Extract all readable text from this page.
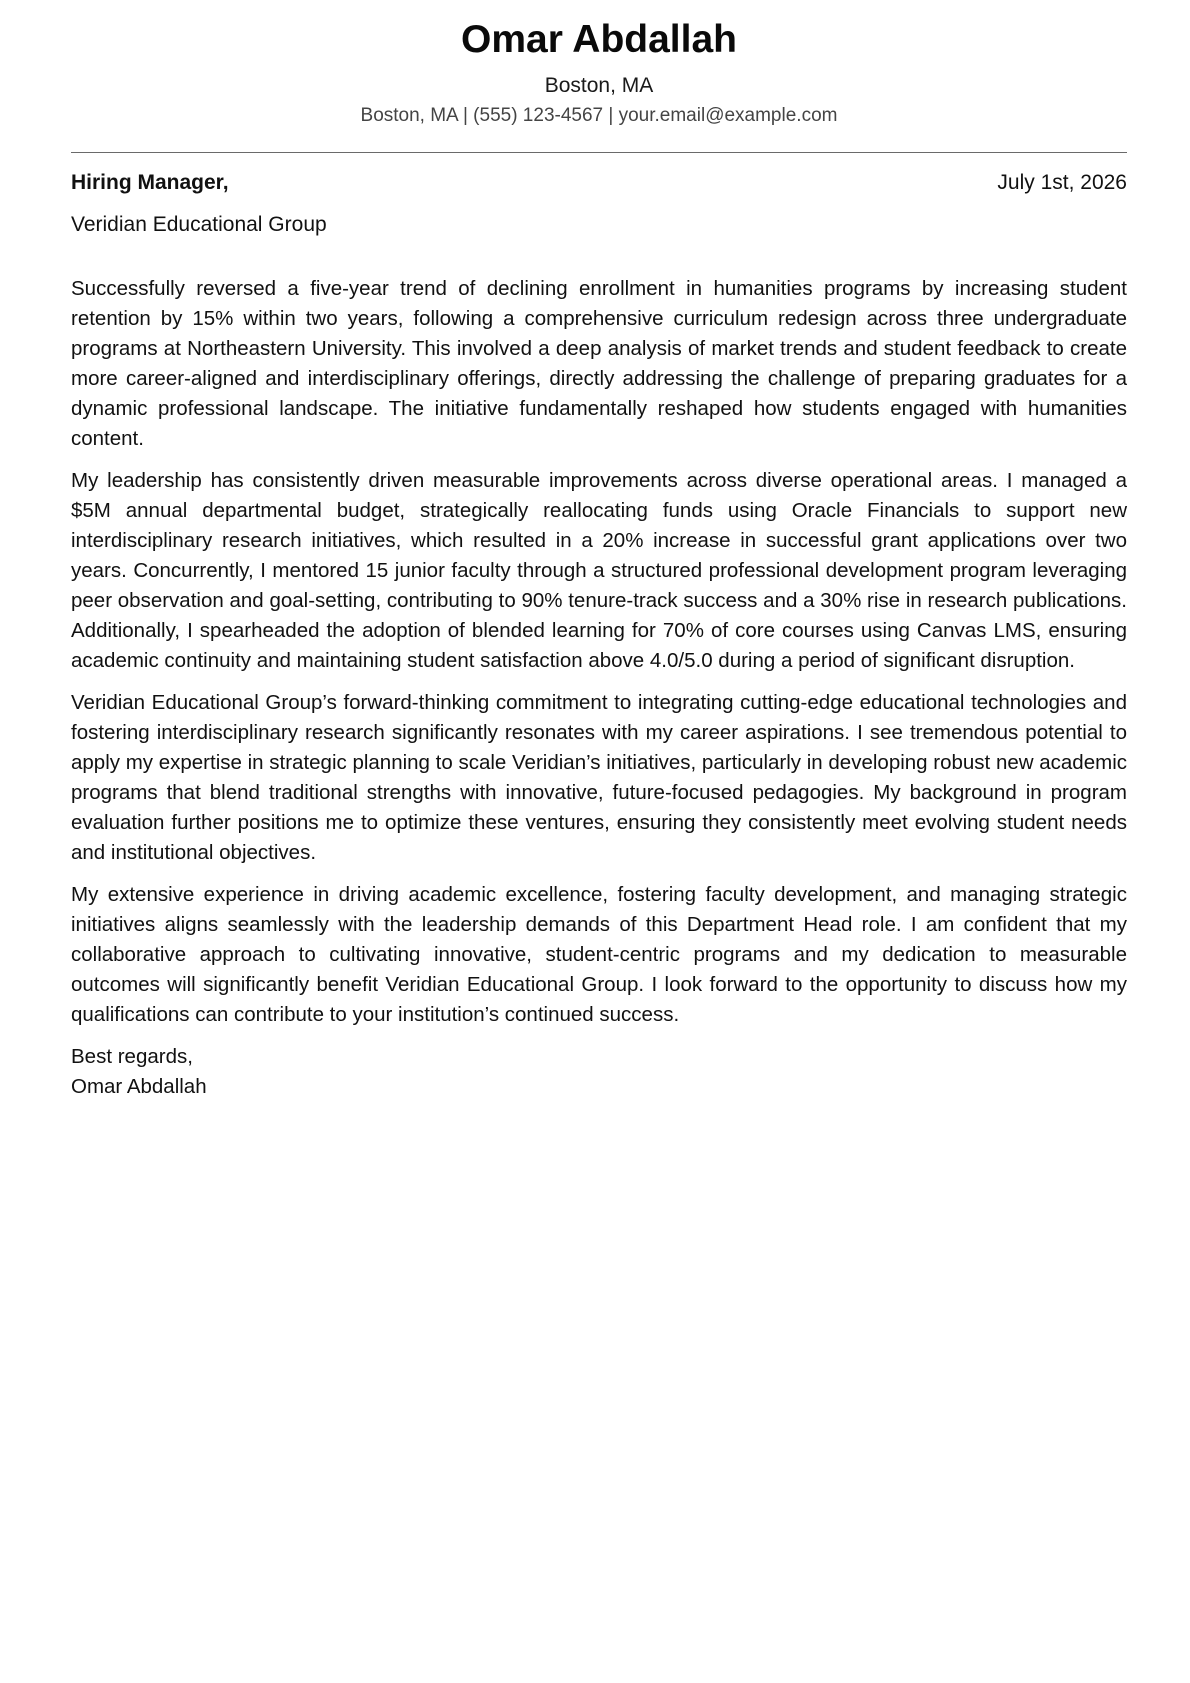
Omar Abdallah
Boston, MA
Boston, MA | (555) 123-4567 | your.email@example.com
Hiring Manager,	July 1st, 2026
Veridian Educational Group

Successfully reversed a five-year trend of declining enrollment in humanities programs by increasing student retention by 15% within two years, following a comprehensive curriculum redesign across three undergraduate programs at Northeastern University. This involved a deep analysis of market trends and student feedback to create more career-aligned and interdisciplinary offerings, directly addressing the challenge of preparing graduates for a dynamic professional landscape. The initiative fundamentally reshaped how students engaged with humanities content.

My leadership has consistently driven measurable improvements across diverse operational areas. I managed a $5M annual departmental budget, strategically reallocating funds using Oracle Financials to support new interdisciplinary research initiatives, which resulted in a 20% increase in successful grant applications over two years. Concurrently, I mentored 15 junior faculty through a structured professional development program leveraging peer observation and goal-setting, contributing to 90% tenure-track success and a 30% rise in research publications. Additionally, I spearheaded the adoption of blended learning for 70% of core courses using Canvas LMS, ensuring academic continuity and maintaining student satisfaction above 4.0/5.0 during a period of significant disruption.

Veridian Educational Group’s forward-thinking commitment to integrating cutting-edge educational technologies and fostering interdisciplinary research significantly resonates with my career aspirations. I see tremendous potential to apply my expertise in strategic planning to scale Veridian’s initiatives, particularly in developing robust new academic programs that blend traditional strengths with innovative, future-focused pedagogies. My background in program evaluation further positions me to optimize these ventures, ensuring they consistently meet evolving student needs and institutional objectives.

My extensive experience in driving academic excellence, fostering faculty development, and managing strategic initiatives aligns seamlessly with the leadership demands of this Department Head role. I am confident that my collaborative approach to cultivating innovative, student-centric programs and my dedication to measurable outcomes will significantly benefit Veridian Educational Group. I look forward to the opportunity to discuss how my qualifications can contribute to your institution’s continued success.

Best regards,
Omar Abdallah
